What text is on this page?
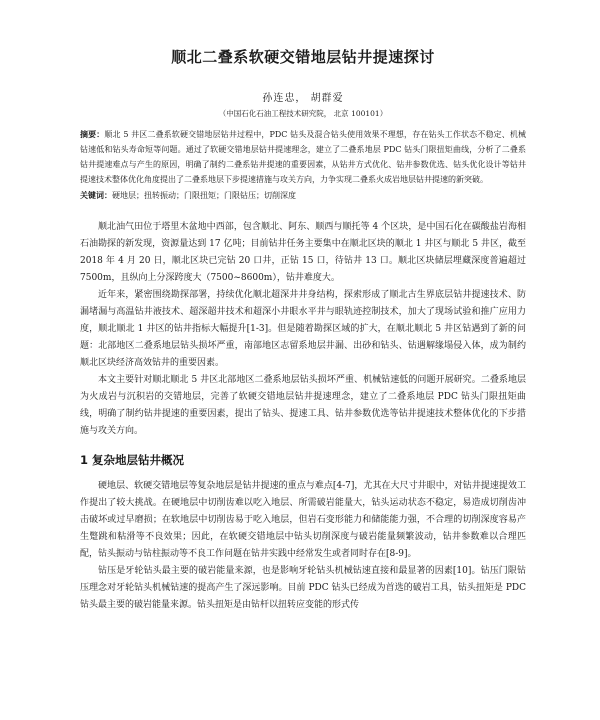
顺北二叠系软硬交错地层钻井提速探讨
孙连忠， 胡群爱
（中国石化石油工程技术研究院， 北京 100101）

摘要：顺北 5 井区二叠系软硬交错地层钻井过程中，PDC 钻头及混合钻头使用效果不理想，存在钻头工作状态不稳定、机械钻速低和钻头寿命短等问题。通过了软硬交错地层钻井提速理念，建立了二叠系地层 PDC 钻头门限扭矩曲线，分析了二叠系钻井提速难点与产生的原因，明确了制约二叠系钻井提速的重要因素，从钻井方式优化、钻井参数优选、钻头优化设计等钻井提速技术整体优化角度提出了二叠系地层下步提速措施与攻关方向，力争实现二叠系火成岩地层钻井提速的新突破。

关键词：硬地层；扭转振动；门限扭矩；门限钻压；切削深度

顺北油气田位于塔里木盆地中西部，包含顺北、阿东、顺西与顺托等 4 个区块，是中国石化在碳酸盐岩海相石油勘探的新发现，资源量达到 17 亿吨；目前钻井任务主要集中在顺北区块的顺北 1 井区与顺北 5 井区，截至 2018 年 4 月 20 日，顺北区块已完钻 20 口井，正钻 15 口，待钻井 13 口。顺北区块储层埋藏深度普遍超过 7500m，且纵向上分深跨度大（7500~8600m），钻井难度大。

近年来，紧密围绕勘探部署，持续优化顺北超深井井身结构，探索形成了顺北古生界底层钻井提速技术、防漏堵漏与高温钻井液技术、超深超井技术和超深小井眼水平井与眼轨迹控制技术，加大了现场试验和推广应用力度，顺北顺北 1 井区的钻井指标大幅提升[1-3]。但是随着勘探区域的扩大，在顺北顺北 5 井区钻遇到了新的问题：北部地区二叠系地层钻头损坏严重，南部地区志留系地层井漏、出砂和钻头、钻遇解缘塌侵入体，成为制约顺北区块经济高效钻井的重要因素。

本文主要针对顺北顺北 5 井区北部地区二叠系地层钻头损坏严重、机械钻速低的问题开展研究。二叠系地层为火成岩与沉积岩的交错地层，完善了软硬交错地层钻井提速理念，建立了二叠系地层 PDC 钻头门限扭矩曲线，明确了制约钻井提速的重要因素，提出了钻头、提速工具、钻井参数优选等钻井提速技术整体优化的下步措施与攻关方向。

1 复杂地层钻井概况

硬地层、软硬交错地层等复杂地层是钻井提速的重点与难点[4-7]，尤其在大尺寸井眼中，对钻井提速提效工作提出了较大挑战。在硬地层中切削齿难以吃入地层、所需破岩能量大，钻头运动状态不稳定，易造成切削齿冲击破坏或过早磨损；在软地层中切削齿易于吃入地层，但岩石变形能力和储能能力强，不合理的切削深度容易产生蹩跳和粘滑等不良效果；因此，在软硬交错地层中钻头切削深度与破岩能量频繁波动，钻井参数难以合理匹配，钻头振动与钻柱振动等不良工作问题在钻井实践中经常发生或者同时存在[8-9]。

钻压是牙轮钻头最主要的破岩能量来源，也是影响牙轮钻头机械钻速直接和最显著的因素[10]。钻压门限钻压理念对牙轮钻头机械钻速的提高产生了深远影响。目前 PDC 钻头已经成为首选的破岩工具，钻头扭矩是 PDC 钻头最主要的破岩能量来源。钻头扭矩是由钻杆以扭转应变能的形式传
